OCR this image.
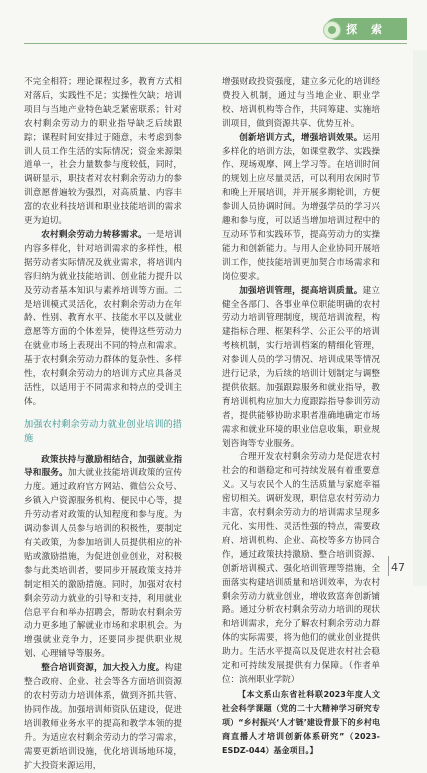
探 索

不完全相符；理论课程过多，教育方式相对落后，实践性不足；实操性欠缺；培训项目与当地产业特色缺乏紧密联系；针对农村剩余劳动力的职业指导缺乏后续跟踪；课程时间安排过于随意，未考虑到参训人员工作生活的实际情况；资金来源渠道单一，社会力量数参与度较低，同时，调研显示，职技者对农村剩余劳动力的参训意愿普遍较为强烈，对高质量、内容丰富的农业科技培训和职业技能培训的需求更为迫切。

农村剩余劳动力转移需求。一是培训内容多样化，针对培训需求的多样性，根据劳动者实际情况及就业需求，将培训内容归纳为就业技能培训、创业能力提升以及劳动者基本知识与素养培训等方面。二是培训模式灵活化，农村剩余劳动力在年龄、性别、教育水平、技能水平以及就业意愿等方面的个体差异，使得这些劳动力在就业市场上表现出不同的特点和需求。基于农村剩余劳动力群体的复杂性、多样性，农村剩余劳动力的培训方式应具备灵活性，以适用于不同需求和特点的受训主体。

加强农村剩余劳动力就业创业培训的措施

政策扶持与激励相结合，加强就业指导和服务。加大就业技能培训政策的宣传力度。通过政府官方网站、微信公众号、乡镇入户资源服务机构、便民中心等，提升劳动者对政策的认知程度和参与度。为调动参训人员参与培训的积极性，要制定有关政策，为参加培训人员提供相应的补贴或激励措施，为促进创业创业，对积极参与此类培训者，要同步开展政策支持并制定相关的激励措施。同时，加强对农村剩余劳动力就业的引导和支持，利用就业信息平台和举办招聘会，帮助农村剩余劳动力更多地了解就业市场和求职机会。为增强就业竞争力，还要同步提供职业规划、心理辅导等服务。

整合培训资源，加大投入力度。构建整合政府、企业、社会等各方面培训资源的农村劳动力培训体系，做到齐抓共管、协同作战。加强培训师资队伍建设，促进培训教师业务水平的提高和教学本领的提升。为适应农村剩余劳动力的学习需求，需要更新培训设施，优化培训场地环境，扩大投资来源运用，

增强财政投资强度，建立多元化的培训经费投入机制，通过与当地企业、职业学校、培训机构等合作，共同筹建、实施培训项目，做到资源共享、优势互补。

创新培训方式，增强培训效果。运用多样化的培训方法，如课堂教学、实践操作、现场观摩、网上学习等。在培训时间的规划上应尽量灵活，可以利用农闲时节和晚上开展培训，并开展多期轮训，方便参训人员协调时间。为增强学员的学习兴趣和参与度，可以适当增加培训过程中的互动环节和实践环节，提高劳动力的实操能力和创新能力。与用人企业协同开展培训工作，使技能培训更加契合市场需求和岗位要求。

加强培训管理，提高培训质量。建立健全各部门、各事业单位职能明确的农村劳动力培训管理制度，规范培训流程，构建指标合理、框架科学、公正公平的培训考核机制，实行培训档案的精细化管理，对参训人员的学习情况、培训成果等情况进行记录，为后续的培训计划制定与调整提供依据。加强跟踪服务和就业指导，教育培训机构应加大力度跟踪指导参训劳动者，提供能够协助求职者准确地确定市场需求和就业环境的职业信息收集，职业规划咨询等专业服务。

合理开发农村剩余劳动力是促进农村社会的和谐稳定和可持续发展有着重要意义。又与农民个人的生活质量与家庭幸福密切相关。调研发现，职信息农村劳动力丰富，农村剩余劳动力的培训需求呈现多元化、实用性、灵活性强的特点，需要政府、培训机构、企业、高校等多方协同合作，通过政策扶持激励、整合培训资源、创新培训模式、强化培训管理等措施，全面落实构建培训质量和培训效率，为农村剩余劳动力就业创业，增收致富奔创新铺路。通过分析农村剩余劳动力培训的现状和培训需求，充分了解农村剩余劳动力群体的实际需要，将为他们的就业创业提供助力。生活水平提高以及促进农村社会稳定和可持续发展提供有力保障。（作者单位：滨州职业学院）

【本文系山东省社科联2023年度人文社会科学课题（党的二十大精神学习研究专项）“乡村振兴‘人才链’建设背景下的乡村电商直播人才培训创新体系研究”（2023-ESDZ-044）基金项目。】

47
